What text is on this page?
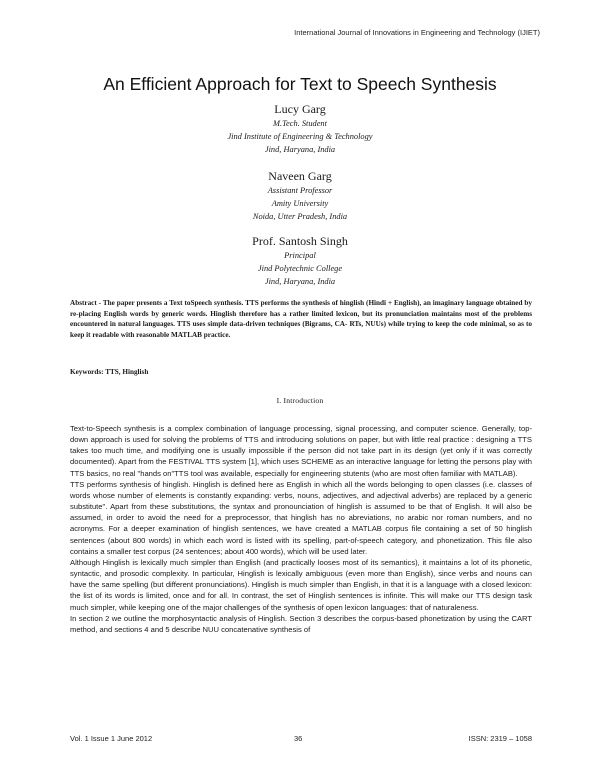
International Journal of Innovations in Engineering and Technology (IJIET)
An Efficient Approach for Text to Speech Synthesis
Lucy Garg
M.Tech. Student
Jind Institute of Engineering & Technology
Jind, Haryana, India
Naveen Garg
Assistant Professor
Amity University
Noida, Utter Pradesh, India
Prof. Santosh Singh
Principal
Jind Polytechnic College
Jind, Haryana, India
Abstract - The paper presents a Text toSpeech synthesis. TTS performs the synthesis of hinglish (Hindi + English), an imaginary language obtained by re-placing English words by generic words. Hinglish therefore has a rather limited lexicon, but its pronunciation maintains most of the problems encountered in natural languages. TTS uses simple data-driven techniques (Bigrams, CA- RTs, NUUs) while trying to keep the code minimal, so as to keep it readable with reasonable MATLAB practice.
Keywords: TTS, Hinglish
I. Introduction

Text-to-Speech synthesis is a complex combination of language processing, signal processing, and computer science. Generally, top- down approach is used for solving the problems of TTS and introducing solutions on paper, but with little real practice : designing a TTS takes too much time, and modifying one is usually impossible if the person did not take part in its design (yet only if it was correctly documented). Apart from the FESTIVAL TTS system [1], which uses SCHEME as an interactive language for letting the persons play with TTS basics, no real "hands on"TTS tool was available, especially for engineering stutents (who are most often familiar with MATLAB).

TTS performs synthesis of hinglish. Hinglish is defined here as English in which all the words belonging to open classes (i.e. classes of words whose number of elements is constantly expanding: verbs, nouns, adjectives, and adjectival adverbs) are replaced by a generic substitute". Apart from these substitutions, the syntax and pronounciation of hinglish is assumed to be that of English. It will also be assumed, in order to avoid the need for a preprocessor, that hinglish has no abreviations, no arabic nor roman numbers, and no acronyms. For a deeper examination of hinglish sentences, we have created a MATLAB corpus file containing a set of 50 hinglish sentences (about 800 words) in which each word is listed with its spelling, part-of-speech category, and phonetization. This file also contains a smaller test corpus (24 sentences; about 400 words), which will be used later.

Although Hinglish is lexically much simpler than English (and practically looses most of its semantics), it maintains a lot of its phonetic, syntactic, and prosodic complexity. In particular, Hinglish is lexically ambiguous (even more than English), since verbs and nouns can have the same spelling (but different pronunciations). Hinglish is much simpler than English, in that it is a language with a closed lexicon: the list of its words is limited, once and for all. In contrast, the set of Hinglish sentences is infinite. This will make our TTS design task much simpler, while keeping one of the major challenges of the synthesis of open lexicon languages: that of naturaleness.

In section 2 we outline the morphosyntactic analysis of Hinglish. Section 3 describes the corpus-based phonetization by using the CART method, and sections 4 and 5 describe NUU concatenative synthesis of

Vol. 1 Issue 1 June 2012	36	ISSN: 2319 – 1058
